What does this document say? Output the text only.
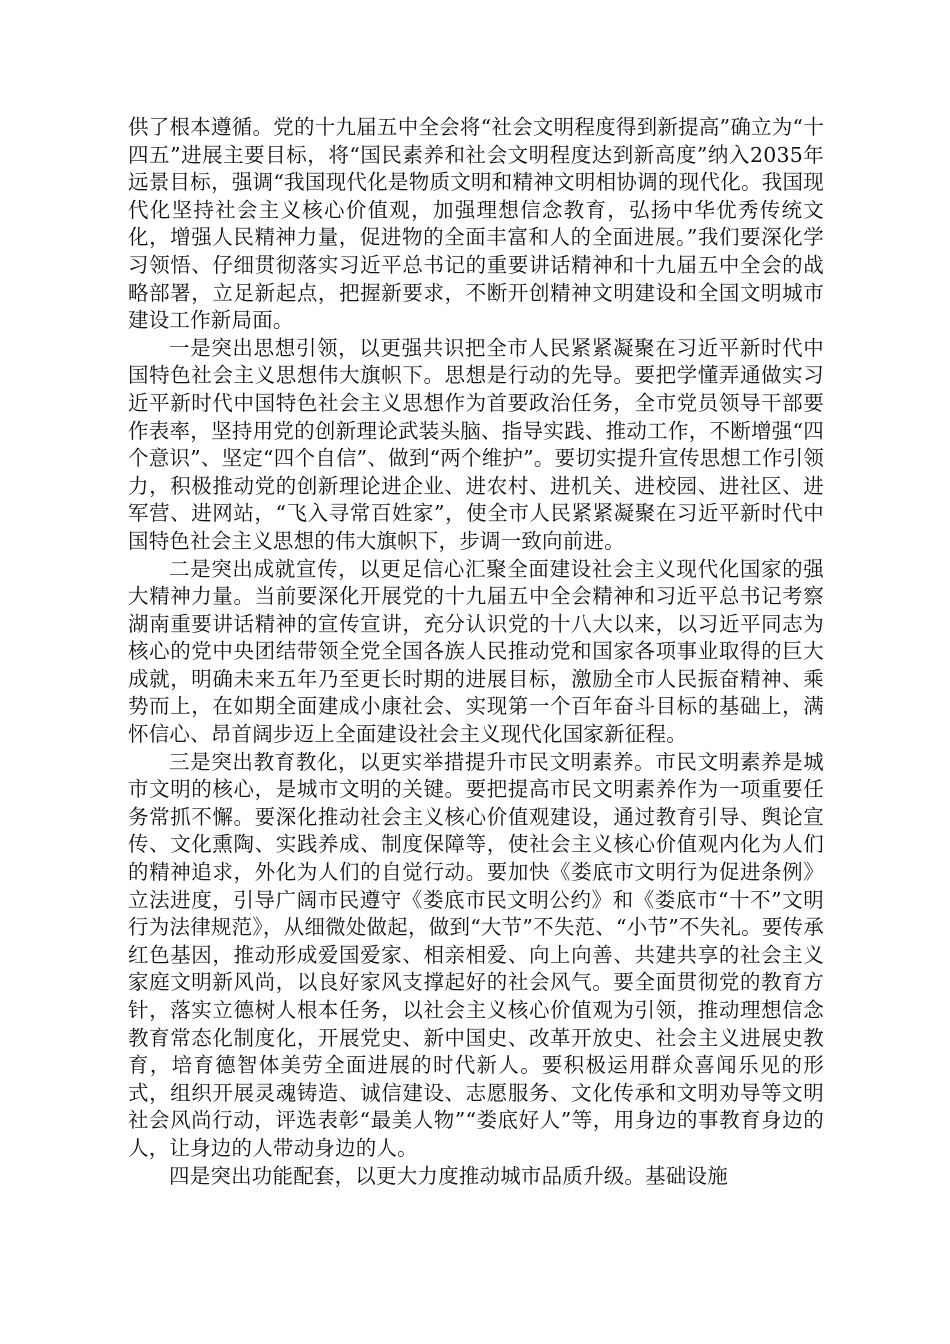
供了根本遵循。党的十九届五中全会将“社会文明程度得到新提高”确立为“十四五”进展主要目标，将“国民素养和社会文明程度达到新高度”纳入2035年远景目标，强调“我国现代化是物质文明和精神文明相协调的现代化。我国现代化坚持社会主义核心价值观，加强理想信念教育，弘扬中华优秀传统文化，增强人民精神力量，促进物的全面丰富和人的全面进展。”我们要深化学习领悟、仔细贯彻落实习近平总书记的重要讲话精神和十九届五中全会的战略部署，立足新起点，把握新要求，不断开创精神文明建设和全国文明城市建设工作新局面。

一是突出思想引领，以更强共识把全市人民紧紧凝聚在习近平新时代中国特色社会主义思想伟大旗帜下。思想是行动的先导。要把学懂弄通做实习近平新时代中国特色社会主义思想作为首要政治任务，全市党员领导干部要作表率，坚持用党的创新理论武装头脑、指导实践、推动工作，不断增强“四个意识”、坚定“四个自信”、做到“两个维护”。要切实提升宣传思想工作引领力，积极推动党的创新理论进企业、进农村、进机关、进校园、进社区、进军营、进网站，“飞入寻常百姓家”，使全市人民紧紧凝聚在习近平新时代中国特色社会主义思想的伟大旗帜下，步调一致向前进。

二是突出成就宣传，以更足信心汇聚全面建设社会主义现代化国家的强大精神力量。当前要深化开展党的十九届五中全会精神和习近平总书记考察湖南重要讲话精神的宣传宣讲，充分认识党的十八大以来，以习近平同志为核心的党中央团结带领全党全国各族人民推动党和国家各项事业取得的巨大成就，明确未来五年乃至更长时期的进展目标，激励全市人民振奋精神、乘势而上，在如期全面建成小康社会、实现第一个百年奋斗目标的基础上，满怀信心、昂首阔步迈上全面建设社会主义现代化国家新征程。

三是突出教育教化，以更实举措提升市民文明素养。市民文明素养是城市文明的核心，是城市文明的关键。要把提高市民文明素养作为一项重要任务常抓不懈。要深化推动社会主义核心价值观建设，通过教育引导、舆论宣传、文化熏陶、实践养成、制度保障等，使社会主义核心价值观内化为人们的精神追求，外化为人们的自觉行动。要加快《娄底市文明行为促进条例》立法进度，引导广阔市民遵守《娄底市民文明公约》和《娄底市“十不”文明行为法律规范》，从细微处做起，做到“大节”不失范、“小节”不失礼。要传承红色基因，推动形成爱国爱家、相亲相爱、向上向善、共建共享的社会主义家庭文明新风尚，以良好家风支撑起好的社会风气。要全面贯彻党的教育方针，落实立德树人根本任务，以社会主义核心价值观为引领，推动理想信念教育常态化制度化，开展党史、新中国史、改革开放史、社会主义进展史教育，培育德智体美劳全面进展的时代新人。要积极运用群众喜闻乐见的形式，组织开展灵魂铸造、诚信建设、志愿服务、文化传承和文明劝导等文明社会风尚行动，评选表彰“最美人物”“娄底好人”等，用身边的事教育身边的人，让身边的人带动身边的人。

四是突出功能配套，以更大力度推动城市品质升级。基础设施
